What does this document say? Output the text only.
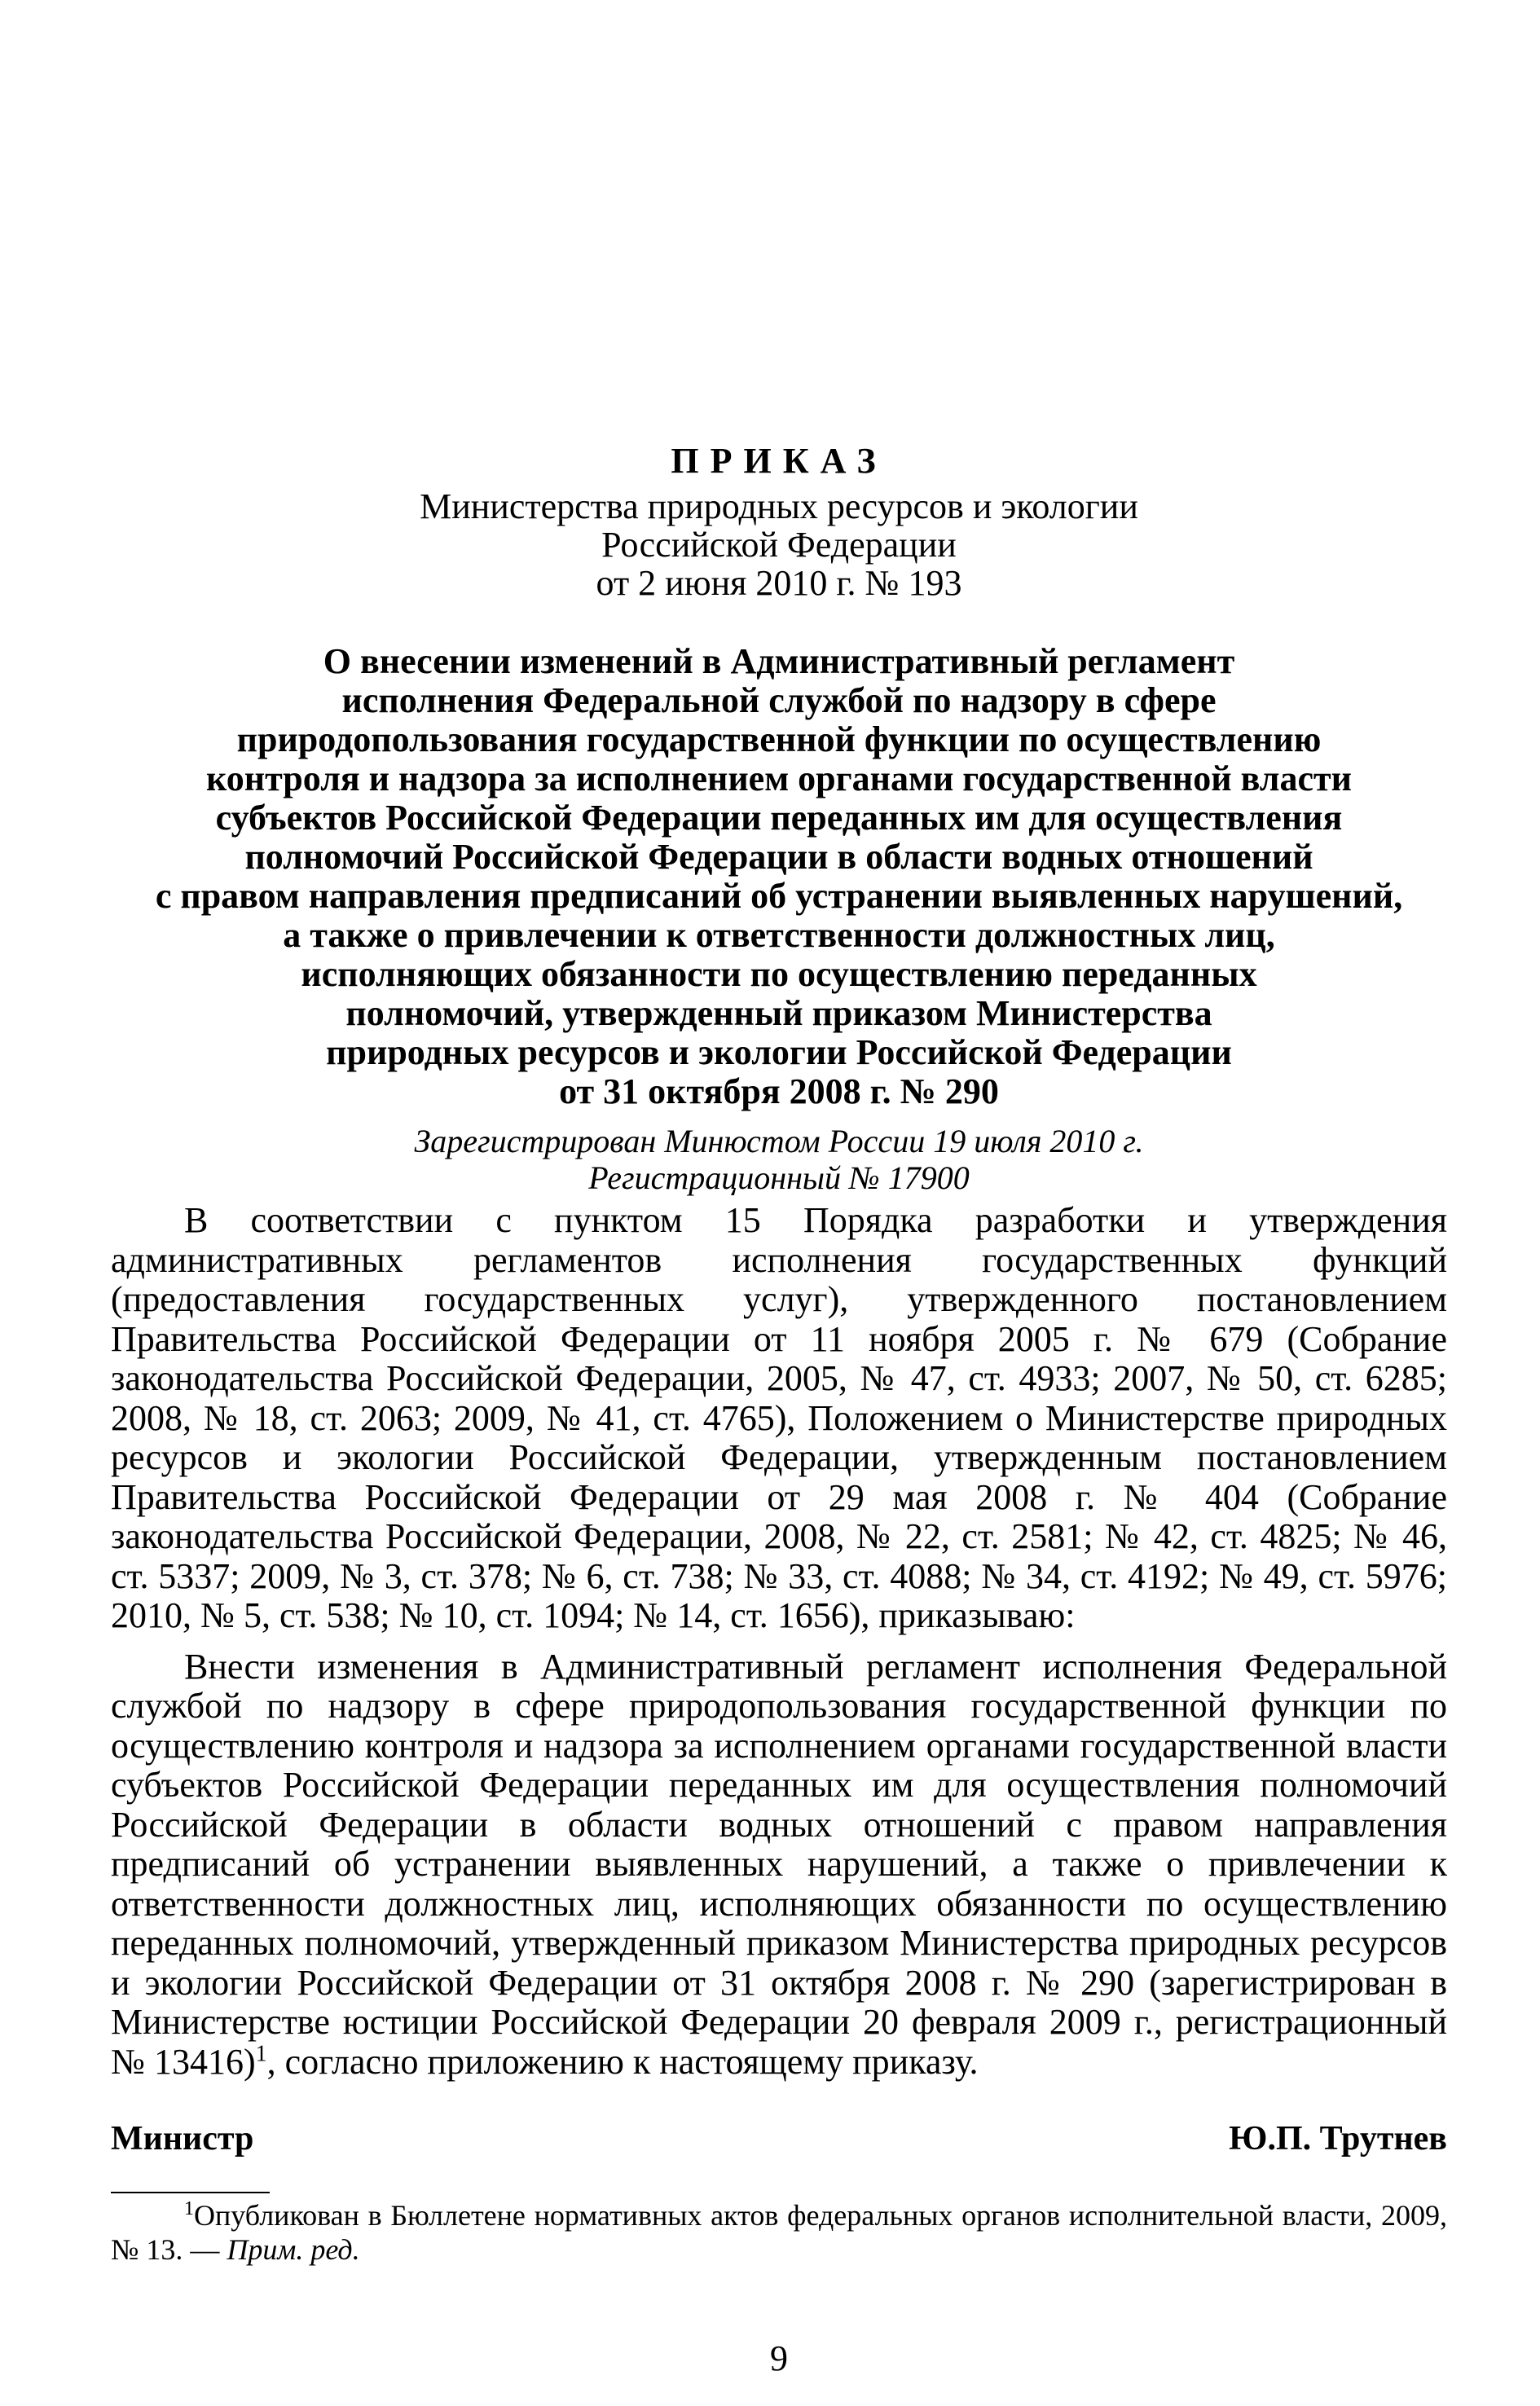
ПРИКАЗ
Министерства природных ресурсов и экологии
Российской Федерации
от 2 июня 2010 г. № 193
О внесении изменений в Административный регламент
исполнения Федеральной службой по надзору в сфере
природопользования государственной функции по осуществлению
контроля и надзора за исполнением органами государственной власти
субъектов Российской Федерации переданных им для осуществления
полномочий Российской Федерации в области водных отношений
с правом направления предписаний об устранении выявленных нарушений,
а также о привлечении к ответственности должностных лиц,
исполняющих обязанности по осуществлению переданных
полномочий, утвержденный приказом Министерства
природных ресурсов и экологии Российской Федерации
от 31 октября 2008 г. № 290
Зарегистрирован Минюстом России 19 июля 2010 г.
Регистрационный № 17900

В соответствии с пунктом 15 Порядка разработки и утверждения административных регламентов исполнения государственных функций (предоставления государственных услуг), утвержденного постановлением Правительства Российской Федерации от 11 ноября 2005 г. № 679 (Собрание законодательства Российской Федерации, 2005, № 47, ст. 4933; 2007, № 50, ст. 6285; 2008, № 18, ст. 2063; 2009, № 41, ст. 4765), Положением о Министерстве природных ресурсов и экологии Российской Федерации, утвержденным постановлением Правительства Российской Федерации от 29 мая 2008 г. № 404 (Собрание законодательства Российской Федерации, 2008, № 22, ст. 2581; № 42, ст. 4825; № 46, ст. 5337; 2009, № 3, ст. 378; № 6, ст. 738; № 33, ст. 4088; № 34, ст. 4192; № 49, ст. 5976; 2010, № 5, ст. 538; № 10, ст. 1094; № 14, ст. 1656), приказываю:

Внести изменения в Административный регламент исполнения Федеральной службой по надзору в сфере природопользования государственной функции по осуществлению контроля и надзора за исполнением органами государственной власти субъектов Российской Федерации переданных им для осуществления полномочий Российской Федерации в области водных отношений с правом направления предписаний об устранении выявленных нарушений, а также о привлечении к ответственности должностных лиц, исполняющих обязанности по осуществлению переданных полномочий, утвержденный приказом Министерства природных ресурсов и экологии Российской Федерации от 31 октября 2008 г. № 290 (зарегистрирован в Министерстве юстиции Российской Федерации 20 февраля 2009 г., регистрационный № 13416)$^1$, согласно приложению к настоящему приказу.

Министр	Ю.П. Трутнев

$^1$Опубликован в Бюллетене нормативных актов федеральных органов исполнительной власти, 2009, № 13. — Прим. ред.

9
